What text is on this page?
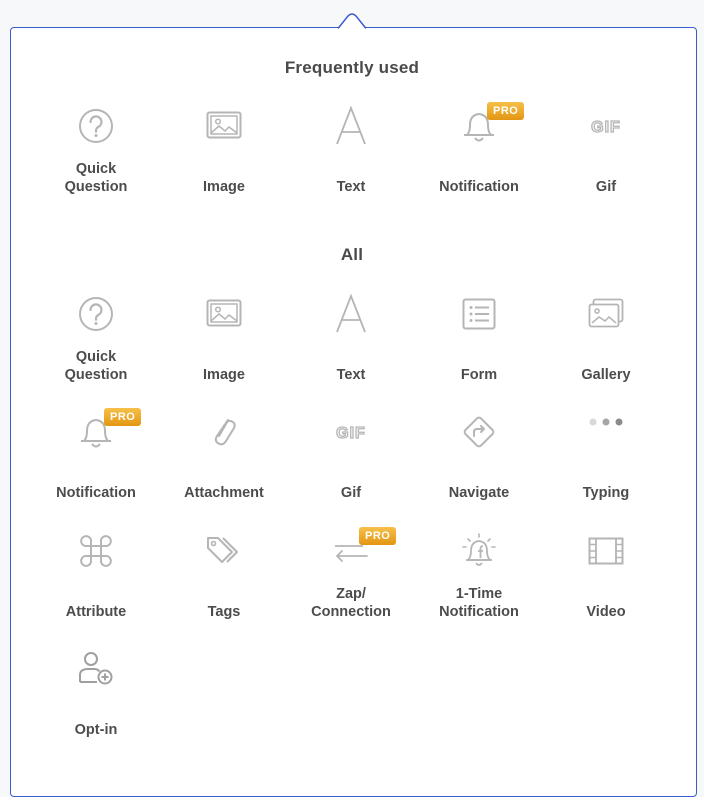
Frequently used
All
Quick
Question	Image	Text
PRO
Notification
GIF
Gif
Quick
Question	Image	Text	Form	Gallery
PRO
Notification	Attachment
GIF
Gif	Navigate	Typing
Attribute	Tags
PRO
Zap/
Connection
1-Time
Notification	Video
Opt-in
